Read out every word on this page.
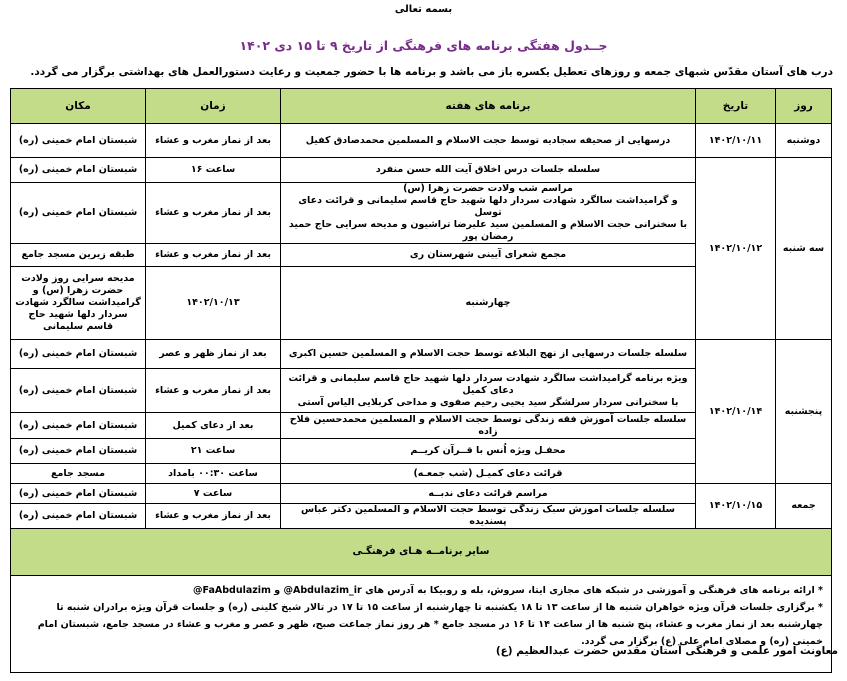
بسمه تعالی
جــدول هفتگی برنامه های فرهنگی از تاریخ ۹ تا ۱۵ دی ۱۴۰۲
درب های آستان مقدّس شبهای جمعه و روزهای تعطیل یکسره باز می باشد و برنامه ها با حضور جمعیت و رعایت دستورالعمل های بهداشتی برگزار می گردد.
روز	تاریخ	برنامه های هفته	زمان	مکان	
دوشنبه	۱۴۰۲/۱۰/۱۱	درسهایی از صحیفه سجادیه توسط حجت الاسلام و المسلمین محمدصادق کفیل	بعد از نماز مغرب و عشاء	شبستان امام خمینی (ره)	
سه شنبه	۱۴۰۲/۱۰/۱۲	سلسله جلسات درس اخلاق آیت الله حسن منفرد	ساعت ۱۶	شبستان امام خمینی (ره)	

		مراسم شب ولادت حضرت زهرا (س)
و گرامیداشت سالگرد شهادت سردار دلها شهید حاج قاسم سلیمانی و قرائت دعای توسل
با سخنرانی حجت الاسلام و المسلمین سید علیرضا تراشیون و مدیحه سرایی حاج حمید رمضان پور	بعد از نماز مغرب و عشاء	شبستان امام خمینی (ره)	
		مجمع شعرای آیینی شهرستان ری	بعد از نماز مغرب و عشاء	طبقه زیرین مسجد جامع	
		چهارشنبه	۱۴۰۲/۱۰/۱۳	مدیحه سرایی روز ولادت حضرت زهرا (س) و گرامیداشت سالگرد شهادت سردار دلها شهید حاج قاسم سلیمانی		
پنجشنبه	۱۴۰۲/۱۰/۱۴	سلسله جلسات درسهایی از نهج البلاغه توسط حجت الاسلام و المسلمین حسین اکبری	بعد از نماز ظهر و عصر	شبستان امام خمینی (ره)	

		ویژه برنامه گرامیداشت سالگرد شهادت سردار دلها شهید حاج قاسم سلیمانی و قرائت دعای کمیل
با سخنرانی سردار سرلشگر سید یحیی رحیم صفوی و مداحی کربلایی الیاس آستی	بعد از نماز مغرب و عشاء	شبستان امام خمینی (ره)	
		سلسله جلسات آموزش فقه زندگی توسط حجت الاسلام و المسلمین محمدحسین فلاح زاده	بعد از دعای کمیل	شبستان امام خمینی (ره)	
		محفـل ویژه اُنس با قــرآن کریــم	ساعت ۲۱	شبستان امام خمینی (ره)	
		قرائت دعای کمیـل (شب جمعـه)	ساعت ۰۰:۳۰ بامداد	مسجد جامع	
جمعه	۱۴۰۲/۱۰/۱۵	مراسم قرائت دعای ندبــه	ساعت ۷	شبستان امام خمینی (ره)	
		سلسله جلسات آموزش سبک زندگی توسط حجت الاسلام و المسلمین دکتر عباس پسندیده	بعد از نماز مغرب و عشاء	شبستان امام خمینی (ره)	
سایر برنامــه هـای فرهنگـی					

* ارائه برنامه های فرهنگی و آموزشی در شبکه های مجازی ایتا، سروش، بله و روبیکا به آدرس های @Abdulazim_ir و @FaAbdulazim

* برگزاری جلسات قرآن ویژه خواهران شنبه ها از ساعت ۱۳ تا ۱۸ یکشنبه تا چهارشنبه از ساعت ۱۵ تا ۱۷ در تالار شیخ کلینی (ره) و جلسات قرآن ویژه برادران شنبه تا چهارشنبه بعد از نماز مغرب و عشاء، پنج شنبه ها از ساعت ۱۴ تا ۱۶ در مسجد جامع * هر روز نماز جماعت صبح، ظهر و عصر و مغرب و عشاء در مسجد جامع، شبستان امام خمینی (ره) و مصلای امام علی (ع) برگزار می گردد.					

معاونت امور علمی و فرهنگی آستان مقدس حضرت عبدالعظیم (ع)
